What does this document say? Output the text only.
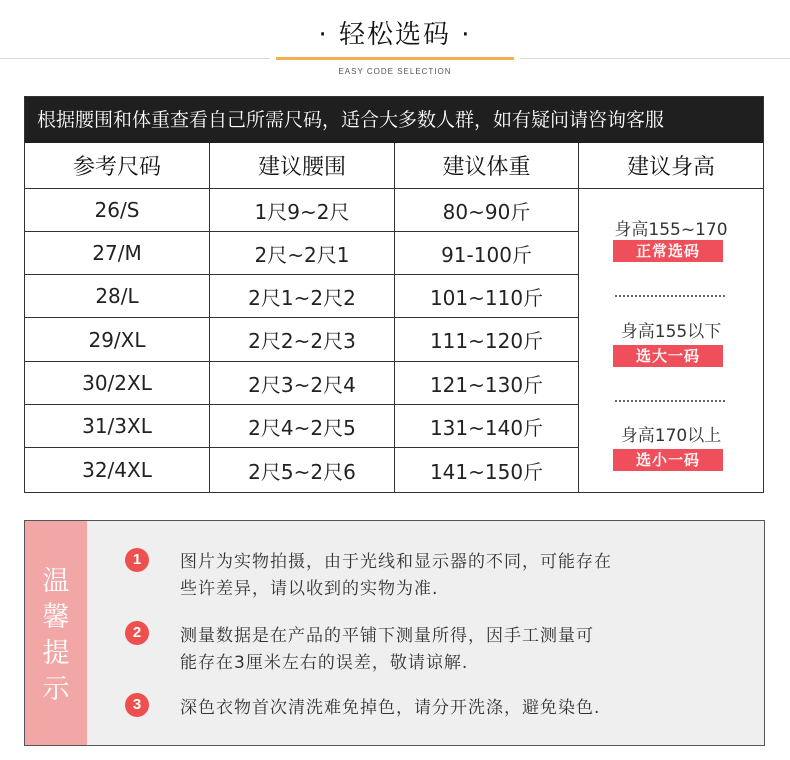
· 轻松选码 ·
EASY CODE SELECTION
根据腰围和体重查看自己所需尺码，适合大多数人群，如有疑问请咨询客服
参考尺码	建议腰围	建议体重	建议身高
26/S	1尺9~2尺	80~90斤
27/M	2尺~2尺1	91-100斤
28/L	2尺1~2尺2	101~110斤
29/XL	2尺2~2尺3	111~120斤
30/2XL	2尺3~2尺4	121~130斤
31/3XL	2尺4~2尺5	131~140斤
32/4XL	2尺5~2尺6	141~150斤
身高155~170
正常选码
身高155以下
选大一码
身高170以上
选小一码
温
馨
提
示
1	图片为实物拍摄，由于光线和显示器的不同，可能存在
些许差异，请以收到的实物为准.
2	测量数据是在产品的平铺下测量所得，因手工测量可
能存在3厘米左右的误差，敬请谅解.
3	深色衣物首次清洗难免掉色，请分开洗涤，避免染色.
